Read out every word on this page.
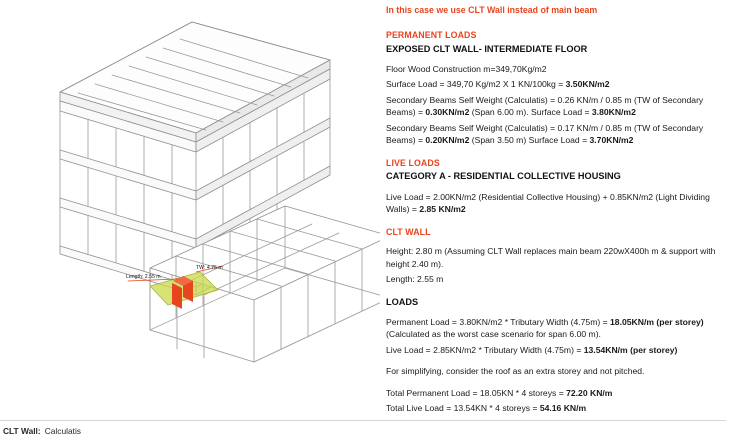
Length: 2.55 m
TW: 4.75 m

In this case we use CLT Wall instead of main beam

PERMANENT LOADS

EXPOSED CLT WALL- INTERMEDIATE FLOOR

Floor Wood Construction m=349,70Kg/m2

Surface Load = 349,70 Kg/m2 X 1 KN/100kg = 3.50KN/m2

Secondary Beams Self Weight (Calculatis) = 0.26 KN/m / 0.85 m (TW of Secondary Beams) = 0.30KN/m2 (Span 6.00 m). Surface Load = 3.80KN/m2

Secondary Beams Self Weight (Calculatis) = 0.17 KN/m / 0.85 m (TW of Secondary Beams) = 0.20KN/m2 (Span 3.50 m) Surface Load = 3.70KN/m2

LIVE LOADS

CATEGORY A - RESIDENTIAL COLLECTIVE HOUSING

Live Load = 2.00KN/m2 (Residential Collective Housing) + 0.85KN/m2 (Light Dividing Walls) = 2.85 KN/m2

CLT WALL

Height: 2.80 m (Assuming CLT Wall replaces main beam 220wX400h m & support with height 2.40 m).

Length: 2.55 m

LOADS

Permanent Load = 3.80KN/m2 * Tributary Width (4.75m) = 18.05KN/m (per storey)(Calculated as the worst case scenario for span 6.00 m).

Live Load = 2.85KN/m2 * Tributary Width (4.75m) = 13.54KN/m (per storey)

For simplifying, consider the roof as an extra storey and not pitched.

Total Permanent Load = 18.05KN * 4 storeys = 72.20 KN/m

Total Live Load = 13.54KN * 4 storeys = 54.16 KN/m

CLT Wall: Calculatis
